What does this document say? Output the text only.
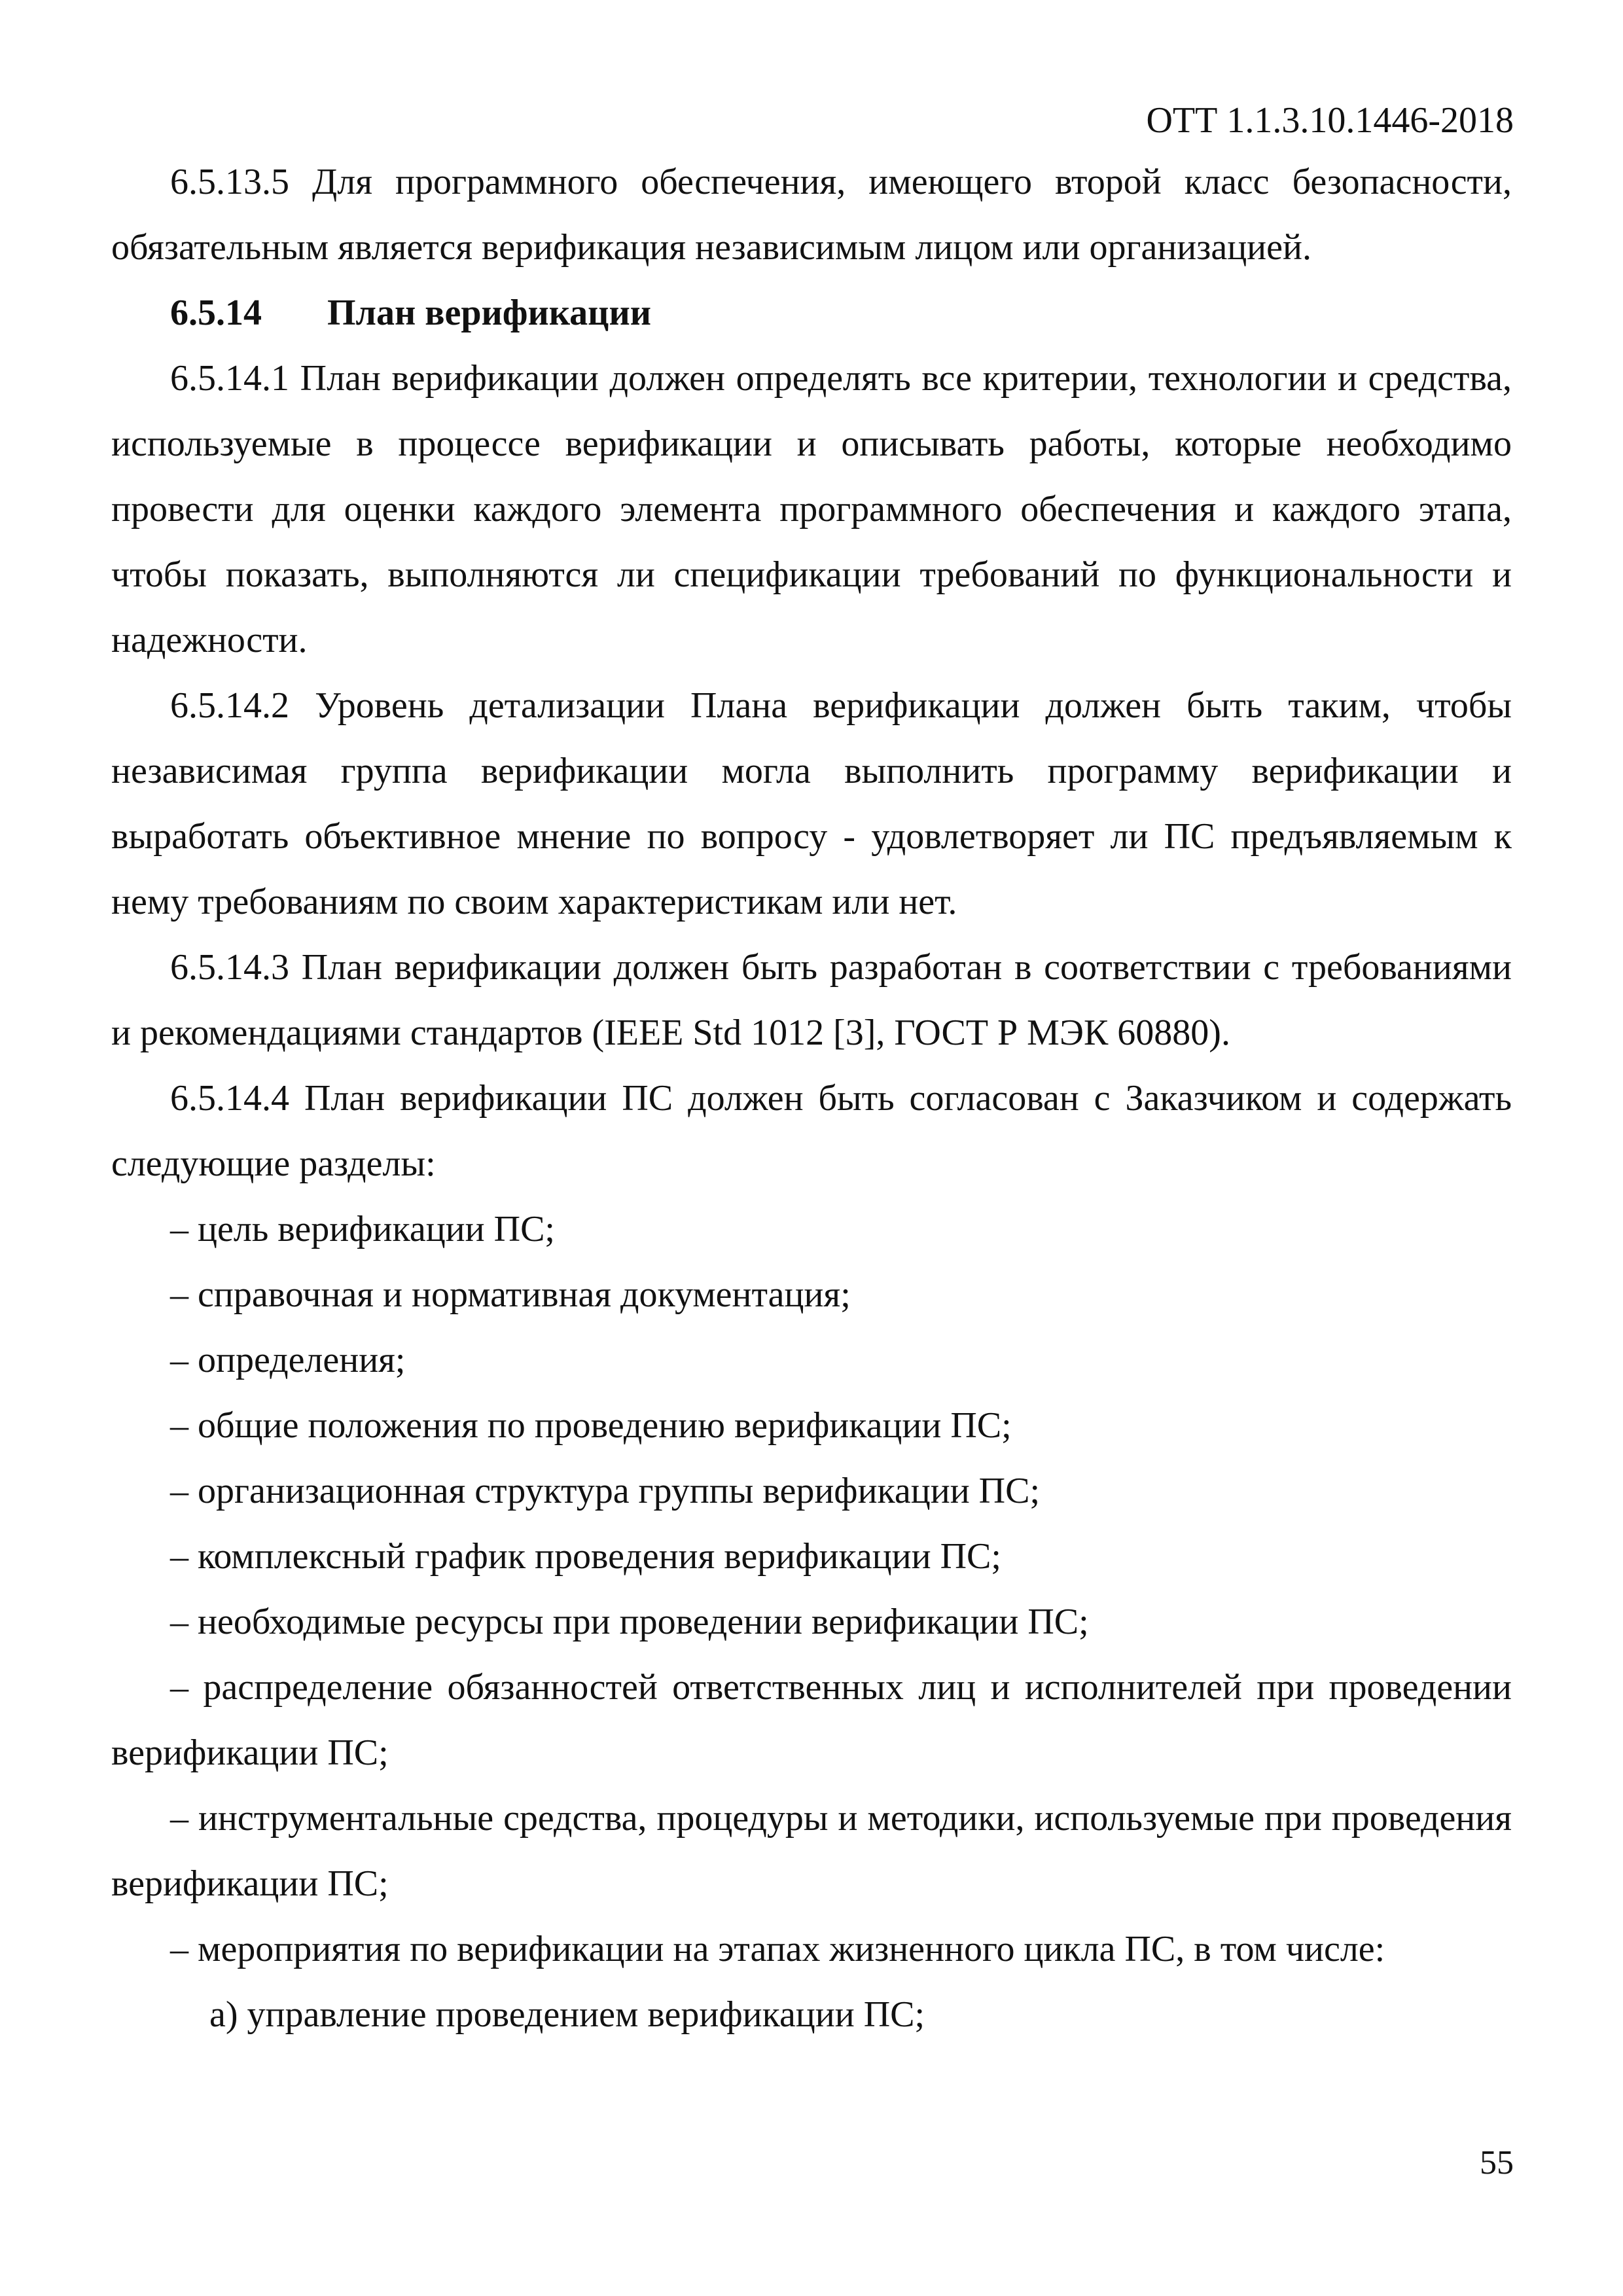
ОТТ 1.1.3.10.1446-2018

6.5.13.5 Для программного обеспечения, имеющего второй класс безопасности, обязательным является верификация независимым лицом или организацией.

6.5.14 План верификации

6.5.14.1 План верификации должен определять все критерии, технологии и средства, используемые в процессе верификации и описывать работы, которые необходимо провести для оценки каждого элемента программного обеспечения и каждого этапа, чтобы показать, выполняются ли спецификации требований по функциональности и надежности.

6.5.14.2 Уровень детализации Плана верификации должен быть таким, чтобы независимая группа верификации могла выполнить программу верификации и выработать объективное мнение по вопросу - удовлетворяет ли ПС предъявляемым к нему требованиям по своим характеристикам или нет.

6.5.14.3 План верификации должен быть разработан в соответствии с требованиями и рекомендациями стандартов (IEEE Std 1012 [3], ГОСТ Р МЭК 60880).

6.5.14.4 План верификации ПС должен быть согласован с Заказчиком и содержать следующие разделы:

– цель верификации ПС;

– справочная и нормативная документация;

– определения;

– общие положения по проведению верификации ПС;

– организационная структура группы верификации ПС;

– комплексный график проведения верификации ПС;

– необходимые ресурсы при проведении верификации ПС;

– распределение обязанностей ответственных лиц и исполнителей при проведении верификации ПС;

– инструментальные средства, процедуры и методики, используемые при проведения верификации ПС;

– мероприятия по верификации на этапах жизненного цикла ПС, в том числе:

а) управление проведением верификации ПС;

55
